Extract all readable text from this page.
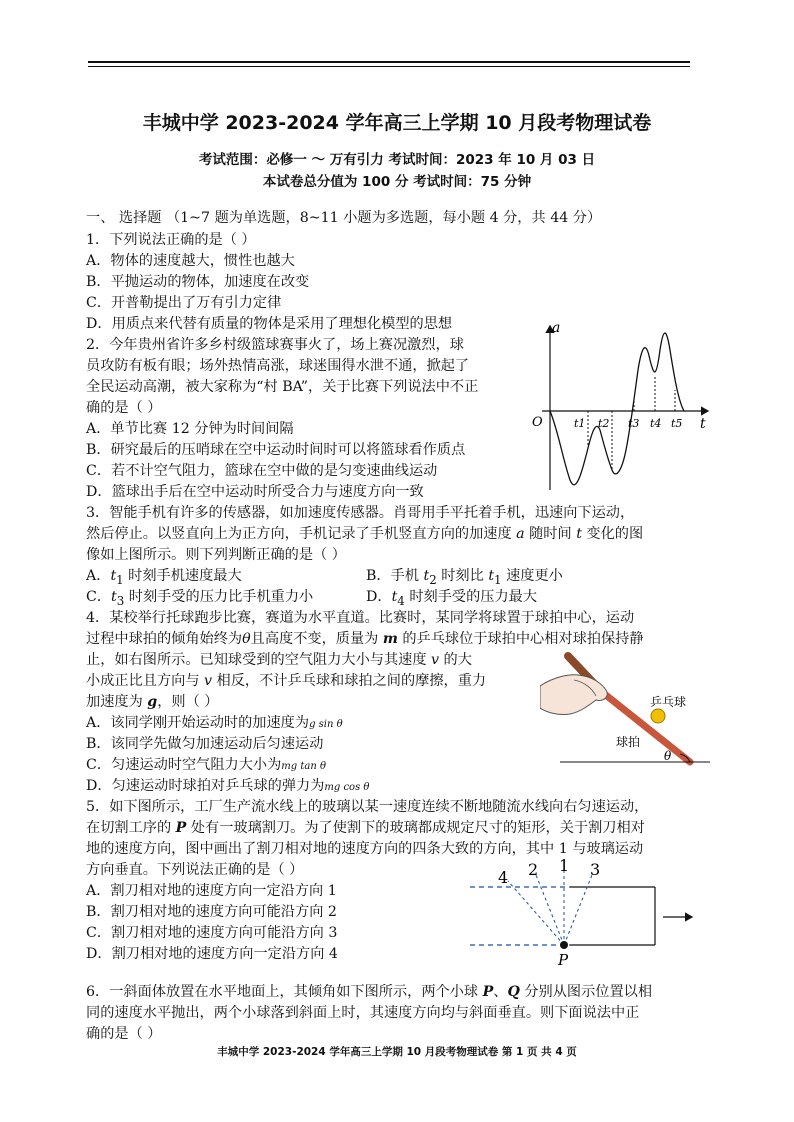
丰城中学 2023-2024 学年高三上学期 10 月段考物理试卷
考试范围：必修一 ～ 万有引力 考试时间：2023 年 10 月 03 日
本试卷总分值为 100 分 考试时间：75 分钟
一、 选择题 （1~7 题为单选题，8~11 小题为多选题，每小题 4 分，共 44 分）
1．下列说法正确的是（ ）
A．物体的速度越大，惯性也越大
B．平抛运动的物体，加速度在改变
C．开普勒提出了万有引力定律
D．用质点来代替有质量的物体是采用了理想化模型的思想
2．今年贵州省许多乡村级篮球赛事火了，场上赛况激烈，球
员攻防有板有眼；场外热情高涨，球迷围得水泄不通，掀起了
全民运动高潮，被大家称为“村 BA”，关于比赛下列说法中不正
确的是（ ）
A．单节比赛 12 分钟为时间间隔
B．研究最后的压哨球在空中运动时间时可以将篮球看作质点
C．若不计空气阻力，篮球在空中做的是匀变速曲线运动
D．篮球出手后在空中运动时所受合力与速度方向一致
a
t
O	t1 t2 t3 t4 t5
3．智能手机有许多的传感器，如加速度传感器。肖哥用手平托着手机，迅速向下运动，
然后停止。以竖直向上为正方向，手机记录了手机竖直方向的加速度 a 随时间 t 变化的图
像如上图所示。则下列判断正确的是（ ）
A．$t_1$ 时刻手机速度最大	B．手机 $t_2$ 时刻比 $t_1$ 速度更小
C．$t_3$ 时刻手受的压力比手机重力小	D．$t_4$ 时刻手受的压力最大
4．某校举行托球跑步比赛，赛道为水平直道。比赛时，某同学将球置于球拍中心，运动
过程中球拍的倾角始终为θ且高度不变，质量为 m 的乒乓球位于球拍中心相对球拍保持静
止，如右图所示。已知球受到的空气阻力大小与其速度 v 的大
小成正比且方向与 v 相反，不计乒乓球和球拍之间的摩擦，重力
加速度为 g，则（ ）
A．该同学刚开始运动时的加速度为g sin θ
B．该同学先做匀加速运动后匀速运动
C．匀速运动时空气阻力大小为mg tan θ
D．匀速运动时球拍对乒乓球的弹力为mg cos θ
乒乓球
球拍
θ
5．如下图所示，工厂生产流水线上的玻璃以某一速度连续不断地随流水线向右匀速运动，
在切割工序的 P 处有一玻璃割刀。为了使割下的玻璃都成规定尺寸的矩形，关于割刀相对
地的速度方向，图中画出了割刀相对地的速度方向的四条大致的方向，其中 1 与玻璃运动
方向垂直。下列说法正确的是（ ）
A．割刀相对地的速度方向一定沿方向 1
B．割刀相对地的速度方向可能沿方向 2
C．割刀相对地的速度方向可能沿方向 3
D．割刀相对地的速度方向一定沿方向 4
4 2 1 3
P
6．一斜面体放置在水平地面上，其倾角如下图所示，两个小球 P、Q 分别从图示位置以相
同的速度水平抛出，两个小球落到斜面上时，其速度方向均与斜面垂直。则下面说法中正
确的是（ ）
丰城中学 2023-2024 学年高三上学期 10 月段考物理试卷 第 1 页 共 4 页
